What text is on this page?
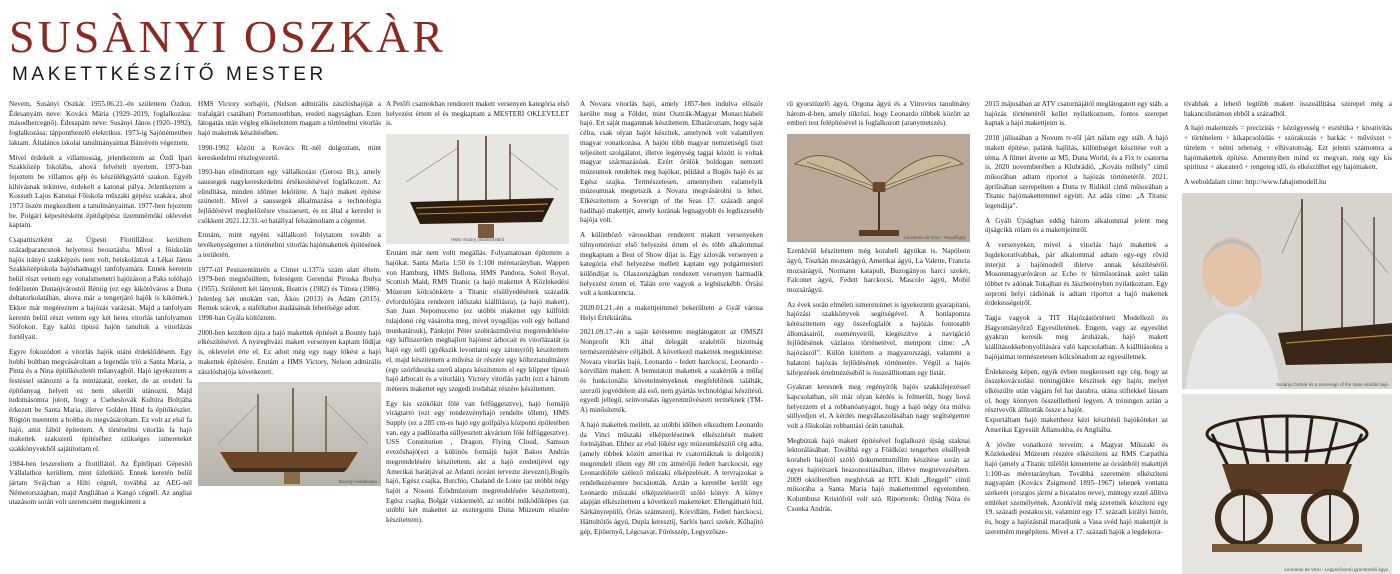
SUSÀNYI OSZKÀR
MAKETTKÉSZÍTŐ MESTER

Nevem, Susányi Oszkár. 1955.06.21.-én születtem Ózdon. Édesanyám neve: Kovács Mária (1929–2019, foglalkozása: másodhercegnő). Édesapám neve: Susányi János (1920–1992), foglalkozása: tápponthezelő elektrikus. 1973-ig Sajónémetiben laktam. Általános iskolai tanulmányaimat Bánrévén végeztem.

Mivel érdekelt a villamosság, jelentkeztem az Ózdi Ipari Szakközép Iskolába, ahová felvételt nyertem. 1973-ban fejeztem be villamos gép és készülékgyártó szakon. Egyéb kihívásnak tekintve, érdekelt a katonai pálya. Jelentkeztem a Kossuth Lajos Katonai Főiskola műszaki gépész szakára, ahol 1973 őszén megkezdtem a tanulmányaimat. 1977-ben fejeztem be. Polgári képesítésként építőgépész üzemmérnöki oklevelet kaptam.

Csapattisztként az Újpesti Flottillához kerültem századparancsnok helyettesi beosztásba. Mivel a főiskolán hajós irányú szakképzés nem volt, beiskoláztak a Lékai János Szakközépiskola hajóshadnagyi tanfolyamára. Ennek keretein belül részt vettem egy vonalsmenetri hajózáson a Paks tolóhajó fedélzetén Dunaújvárostól Réniig (ez egy kikötőváros a Duna deltatorkolatában, ahova már a tengerjáró hajók is kikötnek.) Ekkor már megéreztem a hajózás varázsát. Majd a tanfolyam keretén belül részt vettem egy két hetes vitorlás tanfolyamon Siófokon. Egy kalóz típusú hajón tanultuk a vitorlázás fortélyait.

Egyre fokozódott a vitorlás hajók utáni érdeklődésem. Egy hobbi boltban megvásároltam a legendás trió a Santa Maria, a Pinta és a Nina építőkészletét műanyagból. Hajó igyekeztem a festéssel utánozni a fa mintázatát, ezeket, de az eredeti fa építőanyag helyett ez nem sikerült utánozni. Majd tudomásomra jutott, hogy a Cseheslovák Kultúra Boltjába érkezett be Santa Maria, illetve Golden Hind fa építőkészlet. Rögtön meentem a boltba és megvásároltam. Ez volt az első fa hajó, amit fából építettem. A történelmi vitorlás fa hajó makettek szakszerű építéséhez szükséges ismereteket szakkönyvekből sajátítottam el.

1984-ben leszereltem a flottillától. Az Építőipari Gépesítő Vállalathoz kerültem, mint üzletkötő. Ennek keretén belül jártam Svájcban a Hilti cégnél, továbbá az AEG-nél Németországban, majd Angliában a Kangó cégnél. Az angliai utazásom során volt szerencsém megtekinteni a

HMS Victory sorhajót, (Nelson admirális zászlóshajóját a trafalgári csatában) Portsmouthban, eredeti nagyságban. Ezen látogatás után végleg elköteleztem magam a történelmi vitorlás hajó makettek készítésében.

1990-1992 között a Kovács Rt.-nél dolgoztam, mint kereskedelmi részlegvezető.

1993-ban elindítottam egy vállalkozást (Gerosz Bt.), amely saussegek nagykereskedelmi értékesítésével foglalkozott. Az elindítása, minden időmet lekötötte. A hajó makett építése szünetelt. Mivel a saussegek alkalmazása a technológia fejlődésével meghelőzésre visszaesett, és ez által a kereslet is csökkent 2021.12.31.-ei hatállyal felszámoltam a cégemet.

Erutám, mint egyéni vállalkozó folytatom tovább a tevékenységemet a történelmi vitorlás hajómakettek építésének a területén.

1977-től Pestszentimrén a Cimer u.137/a szám alatt éltem. 1979-ben megnősültem, feleségem Gerendai Piroska Ibolya (1955). Született két lányunk, Beatrix (1982) és Tímea (1986). Jelenleg két unokám van, Ákos (2013) és Ádám (2015). Remek srácok, a staféltabot átadásának lehetősége adott.
1998-ban Gyála költöztem.

2000-ben kezdtem újra a hajó makettek építését a Bounty hajó elkészítésével. A nyireghvázi makett versenyen kaptam fődíjat is, oklevelet érte el. Ez adott még egy nagy lökést a hajó makettek építésére. Erutám a HMS Victory, Nelson admirális zászlóshajója következett.

Bounty hivatalosan

A Petőfi csarnokban rendezett makett versenyen kategória első helyezést értem el és megkaptam a MESTERI OKLEVELET is.

HMS Victory oldalnézetből

Erutám már nem voltt megállás. Folyamatosan építettem a hajókat. Santa Maria 1:50 és 1:100 méretarányban, Wappen von Hamburg, HMS Bellona, HMS Pandora, Soleil Royal, Scottish Maid, RMS Titanic (a hajó makettet A Közlekedési Múzeum kölcsönkérte a Titanic elsüllyedésének századik évfordulójára rendezett időszaki kiállításra), (a hajó makett), San Juan Nepomuceno (ez utóbbi makettet egy külföldi tulajdonú cég vásárolta meg, mivel nyugdíjas volt egy holland munkatársuk), Pánkrjni Péter szobrászművész megrendelésére egy kifliszerűen meghajlott hajótest árbocait és vitorlázatát (a hajó egy selfi (gyékszik levontatni egy zátonyról) készítettem el, majd készítettem a művész úr részére egy költeztanulmányt (egy szórfdeszka szerű alapra készítettem el egy klipper típusú hajó árbocait és a vitorláit). Victory vitorlás yacht (ezt a három méteres makettet egy szegedi irodaház részére készítettem.

Egy kis szökőkút fölé van felfüggesztve), hajó formájú virágtartó (ezt egy rendezvényhajó rendelte tőlem), HMS Supply (ez a 285 cm-es hajó egy golfpálya központi épületében van, egy a padlózatba süllyesztett akvárium fölé felfüggesztve). USS Constitution , Dragon, Flying Cloud, Samson evezőshajó(ezt a különös formájú hajót Bakos András megrendelésére készítettem, akt a hajó eredetijével egy Amerikai barátjával az Atlanti óceánt tervezte átevezni),Bogős hajó, Egész csajka, Burchio, Chaland de Loire (az utóbbi négy hajót a Nosoni Ërödmúzeum megrendelésére készítettem), Egész csajka, Bolgár vízkiemelő, az utóbbi működőképes (az utóbbi két makettet az esztergomi Duna Múzeum részére készítettem).

A Novara vitorlás hajó, amely 1857-ben indulva először kerülte meg a Földet, mint Osztrák-Magyar Monarchiabeli hajó. Ert saját magamnak készítettem. Elhatároztam, hogy saját célra, csak olyan hajót készítek, amelynek volt valamilyen magyar vonatkozása. A hajón több magyar nemzetiségű tiszt teljesített szolgálatot, illetve legénység tagjai között is voltak magyar származásúak. Ezért őrülök boldogan nemzeti múzeumok rendeltek meg hajókat, például a Bogős hajó és az Egész szajka. Természetesen, amennyiben valamelyik múzeumnak megtetszik a Novara megvásárolni is lehet. Elkészítettem a Soverign of the Seas 17. századi angol hadihajó makettjét, amely korának legnagyobb és legdíszesebb hajója volt.

A különböző városokban rendezett makett versenyeken túlnyomórészt első helyezést értem el és több alkalommal megkaptam a Best of Show díjat is. Egy szlovák versenyen a kategória első helyezése mellett kaptam egy polgármesteri különdíjat is. Olaszországban rendezett versenyen harmadik helyezést értem el. Talán erre vagyok a legbüszkébb. Óriási volt a konkurencia.

2020.01.21.-én a makettjeimmel bekerültem a Gyál városa Helyi Értéktárába.

2021.09.17.-én a saját kérésemre meglátogatott az OMSZI Nonprofit Kft által delegált szakértői bizottság természemlésére céljából. A következő makettek megtekintése: Novara vitorlás hajó, Leonardo - fedett harckocsi, Leonardo - kórvillám makett. A bemutatott makettek a szakértők a műfaj és funkcionális követelményeknek megfelelőnek találták, szerzői jogvédelem alá eső, nem gyártás technológiai készítésű, egyedi jellegű, színvonalas ügyeretművészeti terméknek (TM-A) minősítették.

A hajó makettek mellett, az utóbbi időben elkezdtem Leonardo da Vinci műszaki elképzeléseinek elkészítését makett formájában. Ehhez az első lökést egy múzeumkészítő cég adta,(amely többek között amerikai tv csatornáknak is dolgozik) megrendelt tőlem egy 80 cm átmérőjű fedett harckocsit, egy Leonardóféle szélező műszaki elképzelését. A tervrajzokat a rendelkezésemre bocsátották. Aztán a keretébe került egy Leonardo műszaki elképzeléseiről szóló könyv. A könyv alapján elkészítettem a következő maketteket: Ellengátható híd, Sárkányrepülő, Óriás számszeríj, Körvillám, Fedett harckocsi, Háttoltótős ágyú, Dupla keresztíj, Sarlós harci szekér, Kőhajító gép, Ejtőernyő, Légcsavar, Fúrésszép, Legyezősze-

rű gyorstüzelő ágyú, Orgona ágyú és a Vitruvius tanulmány három-d-ben, amely tükrözi, hogy Leonardo többek között az emberi test felépítésével is foglalkozott (aranymetszés).

Leonardo da Vinci - Repülőgép

Ezenkívül készítettem még korabeli ágyúkat is. Napóleon ágyú, Toszkán mozsárágyú, Amerikai ágyú, La Valette, Francia mozsárágyú, Normann katapult, Buzogányos harci szekér, Falconet ágyú, Fedett harckocsi, Mascolo ágyú, Mobil mozsárágyú.

Az évek során elméleti ismereteimet is igyekeztem gyarapítani, hajózási szakkönyvek segítségével. A honlapomra kérészítettem egy összefoglalót a hajózás fontosabb állomásairól, eseményeiről, kiegészítve a navigáció fejlődésének vázlatos történetével, mentpont cime: „A hajózásról”. Külön kitértem a magyarországi, valamint a balatoni hajózás fejlődésének történetére. Végül a hajós kifejezések értelmezéséből is összeállítottam egy listát.

Gyakran keresnek meg regényírók hajós szakkifejezéssel kapcsolatban, sőt már olyan kérdés is felmerült, hogy hová helyezzem el a robbanóanyagot, hogy a hajó négy óra múlva süllyedjen el. A kérdés megválaszolásában nagy segítségemre volt a főiskolán robbantási órán tanultak.

Megbíztak hajó makett építésével foglalkozó újság szaknai lektorálásában. Továbbá egy a Földközi tengerben elsüllyedt korabeli hajóról szóló dokumentumfilm készítése során az egyes hajórészek beazonosításában, illetve megnevezésében. 2009 októberében meghívtak az RTL Klub „Reggeli” című műsorába a Santa Maria hajó makettemmel egyetemben. Kolumbusz Kristófról volt szó. Riporterek: Ördög Nóra és Csonka András.

2015 májusában az ATV csatornájától meglátogatott egy stáb, a hajózás történetéről kellet nyilatkoznom, fontos szerepet kaptak a hajó makettjeim is.

2018 júliusában a Novum tv-től járt nálam egy stáb. A hajó makett építése, palánk hajlítás, különbséget készítése volt a téma. A filmet átvette az M5, Duna World, és a Fix tv csatorna is. 2020 novemberében a Klubrádió, „Kováts műhely” című műsorában adtam riportot a hajózás történetéről. 2021. áprilisában szerepeltem a Duna tv Ridikül című műsorában a Titanic hajómakettemmel együtt. Az adás címe: „A Titanic legendája”.

A Gyáli Újságban eddig három alkalommal jelent meg újságcikk rólam és a makettjeimről.

A versenyeken, mivel a vitorlás hajó makettek a legdekoratívabbak, pár alkalommal adtam egy-egy rövid interjút a hajómodell ihletve annak készítéséről. Mosonmagyaróváron az Echo tv hírműsorának azért talán többet tv adónak Tokajban és Jászberényben nyilatkoztam. Egy soproni helyi rádiónak is adtam riportot a hajó makettek érdekességeiről.

Tagja vagyok a TIT Hajózástörténeti Modellező és Hagyományőrző Egyesületének. Engem, vagy az egyesület gyakran keresik meg áruházak, hajó makett kiállításokkebonyolítására való kapcsolatban. A kiállításokra a hajójaimat természetesen kölcsönadom az egyesületnek.

Érdekesség képen, egyik évben megkeresett egy cég, hogy az összekovácsolási tréningjükre készítsek egy hajót, melyet elkészülte után vágjam fel hat darabra, utána stiftekkel lássam el, hogy könnyen összeillethető legyen. A tréningen aztán a résztvevők állították össze a hajót.
Exportáltam hajó makettheez kézi készítésű hajóköteket az Amerikai Egyesült Államokba, és Angliába.

A jövőre vonatkozó terveim: a Magyar Műszaki és Közlekedési Múzeum részére elkészíteni az RMS Carpathia hajó (amely a Titanic túlélőit kimentette az óceánból) makettjét 1:100-as méretarányban. Továbbá szeretném elkészíteni nagyapám (Kovács Zsigmond 1895–1967) tehenek vontatta szekerét (orszgos járrni a hivatalos neve), mintegy ezzel állítva emléket személyének. Azonkívül még szeretnék készíteni egy 19. századi postakocsit, valamint egy 17. századi királyi hintót, és, hogy a hajózásnál maradjunk a Vasa svéd hajó makettjét is szeretném megépíteni. Mivel a 17. századi hajók a legdekora-

tívabbak a lehető legtöbb makett összeállítása szerepel még a bakancslistámon ebből a századból.

A hajó makettezés = precizitás + kézügyesség + esztétika + kreativitás + történelem + kikapcsolódás + szórakozás + barkác + művészet + türelem + némi tehetség + elhivatottság. Ezt jelenti számomra a hajómakettek építése. Amennyiben mind ez megvan, még egy kis spiritusz + akaraterő + rengeteg idő, és elkészülhet egy hajómakett.

A weboldalam címe: http://www.fahajomodell.hu

Susányi Oszkár és a Sovereign of the Seas vitorlás hajó
Leonardo da Vinci - Legyezőszerű gyorstüzelő ágyú
